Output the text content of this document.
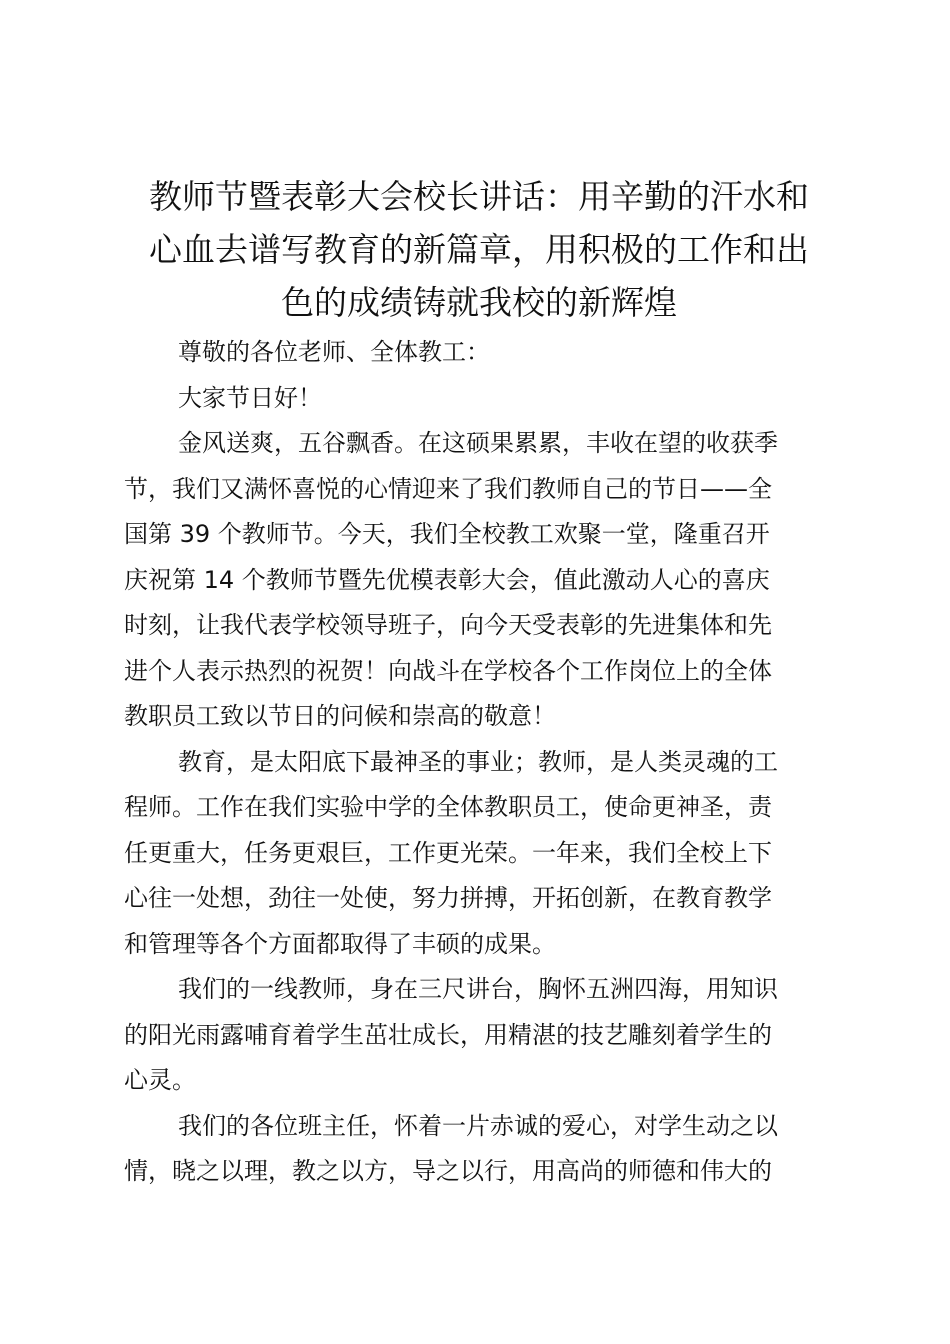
教师节暨表彰大会校长讲话：用辛勤的汗水和
心血去谱写教育的新篇章，用积极的工作和出
色的成绩铸就我校的新辉煌

尊敬的各位老师、全体教工：

大家节日好！

金风送爽，五谷飘香。在这硕果累累，丰收在望的收获季
节，我们又满怀喜悦的心情迎来了我们教师自己的节日——全
国第 39 个教师节。今天，我们全校教工欢聚一堂，隆重召开
庆祝第 14 个教师节暨先优模表彰大会，值此激动人心的喜庆
时刻，让我代表学校领导班子，向今天受表彰的先进集体和先
进个人表示热烈的祝贺！向战斗在学校各个工作岗位上的全体
教职员工致以节日的问候和崇高的敬意！

教育，是太阳底下最神圣的事业；教师，是人类灵魂的工
程师。工作在我们实验中学的全体教职员工，使命更神圣，责
任更重大，任务更艰巨，工作更光荣。一年来，我们全校上下
心往一处想，劲往一处使，努力拼搏，开拓创新，在教育教学
和管理等各个方面都取得了丰硕的成果。

我们的一线教师，身在三尺讲台，胸怀五洲四海，用知识
的阳光雨露哺育着学生茁壮成长，用精湛的技艺雕刻着学生的
心灵。

我们的各位班主任，怀着一片赤诚的爱心，对学生动之以
情，晓之以理，教之以方，导之以行，用高尚的师德和伟大的
